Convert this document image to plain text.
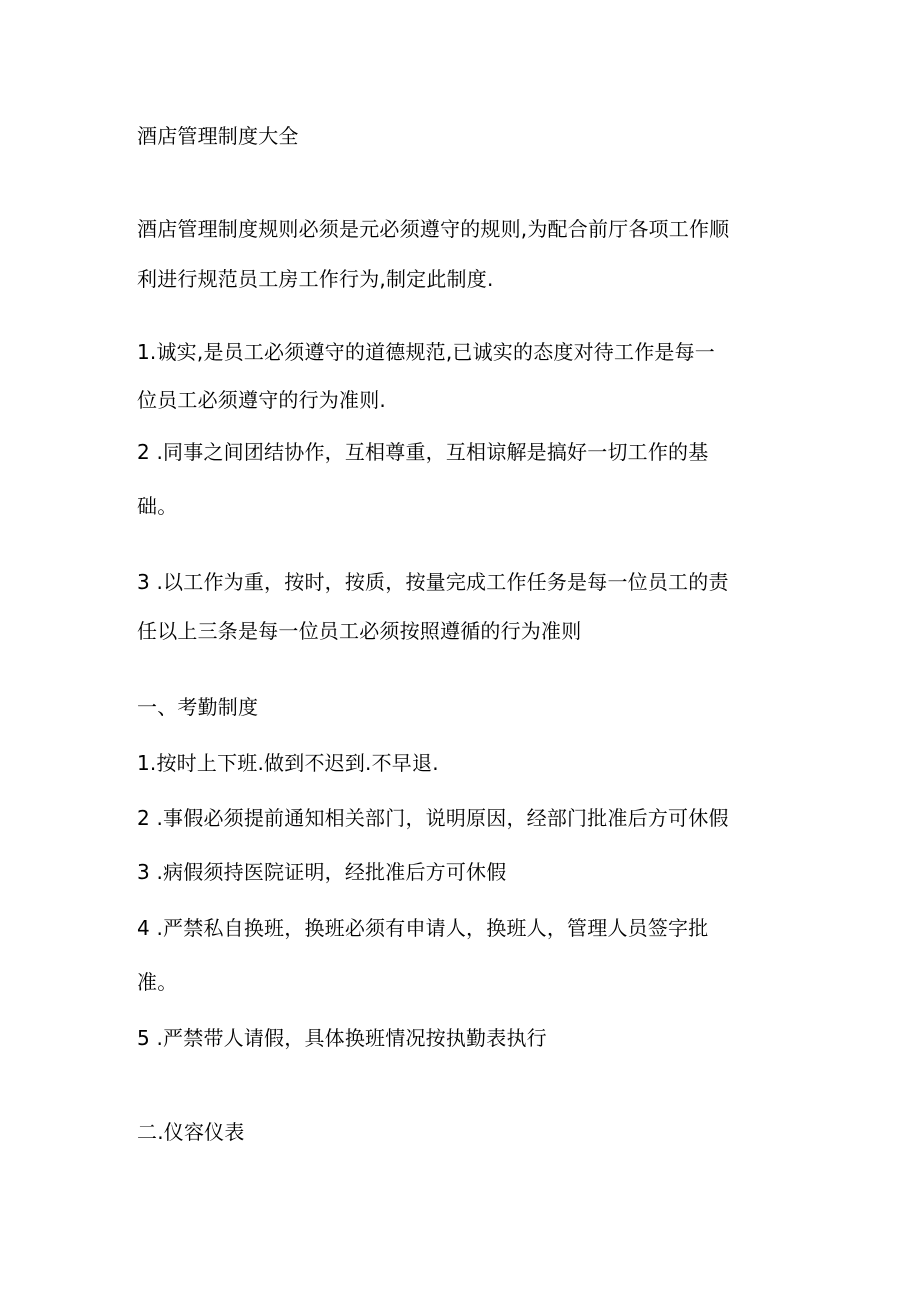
酒店管理制度大全
酒店管理制度规则必须是元必须遵守的规则,为配合前厅各项工作顺
利进行规范员工房工作行为,制定此制度.
1.诚实,是员工必须遵守的道德规范,已诚实的态度对待工作是每一
位员工必须遵守的行为准则.
2 .同事之间团结协作，互相尊重，互相谅解是搞好一切工作的基
础。
3 .以工作为重，按时，按质，按量完成工作任务是每一位员工的责
任以上三条是每一位员工必须按照遵循的行为准则
一、考勤制度
1.按时上下班.做到不迟到.不早退.
2 .事假必须提前通知相关部门，说明原因，经部门批准后方可休假
3 .病假须持医院证明，经批准后方可休假
4 .严禁私自换班，换班必须有申请人，换班人，管理人员签字批
准。
5 .严禁带人请假，具体换班情况按执勤表执行
二.仪容仪表
